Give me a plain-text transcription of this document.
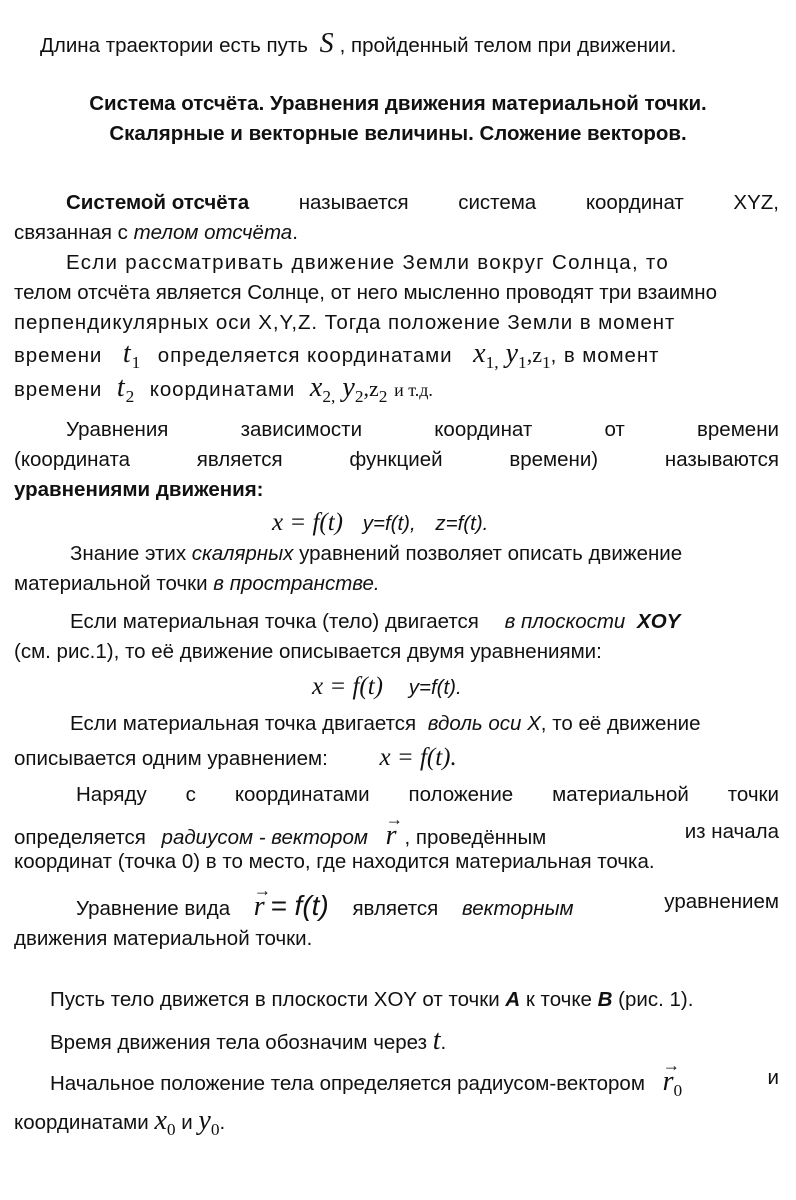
Длина траектории есть путь S , пройденный телом при движении.
Система отсчёта. Уравнения движения материальной точки.
Скалярные и векторные величины. Сложение векторов.
Системой отсчёта называется система координат XYZ,
связанная с телом отсчёта.
Если рассматривать движение Земли вокруг Солнца, то
телом отсчёта является Солнце, от него мысленно проводят три взаимно
перпендикулярных оси X,Y,Z. Тогда положение Земли в момент
времени $t_1$ определяется координатами $x_{1,}$ $y_1,z_1$, в момент
времени $t_2$ координатами $x_{2,}$ $y_2,z_2$ и т.д.
Уравнения	зависимости	координат	от	времени
(координата	является	функцией	времени)	называются
уравнениями движения:
x = f(t) y=f(t), z=f(t).
Знание этих скалярных уравнений позволяет описать движение
материальной точки в пространстве.
Если материальная точка (тело) двигается в плоскости XOY
(см. рис.1), то её движение описывается двумя уравнениями:
x = f(t) y=f(t).
Если материальная точка двигается вдоль оси X, то её движение
описывается одним уравнением: x = f(t).
Наряду с координатами положение материальной точки
определяется радиусом - вектором → r , проведённым	из начала
координат (точка 0) в то место, где находится материальная точка.
Уравнение вида → r = f(t) является векторным	уравнением
движения материальной точки.
Пусть тело движется в плоскости XOY от точки A к точке B (рис. 1).
Время движения тела обозначим через t.
Начальное положение тела определяется радиусом-вектором → $r_0$
и
координатами $x_0$ и $y_0$.
